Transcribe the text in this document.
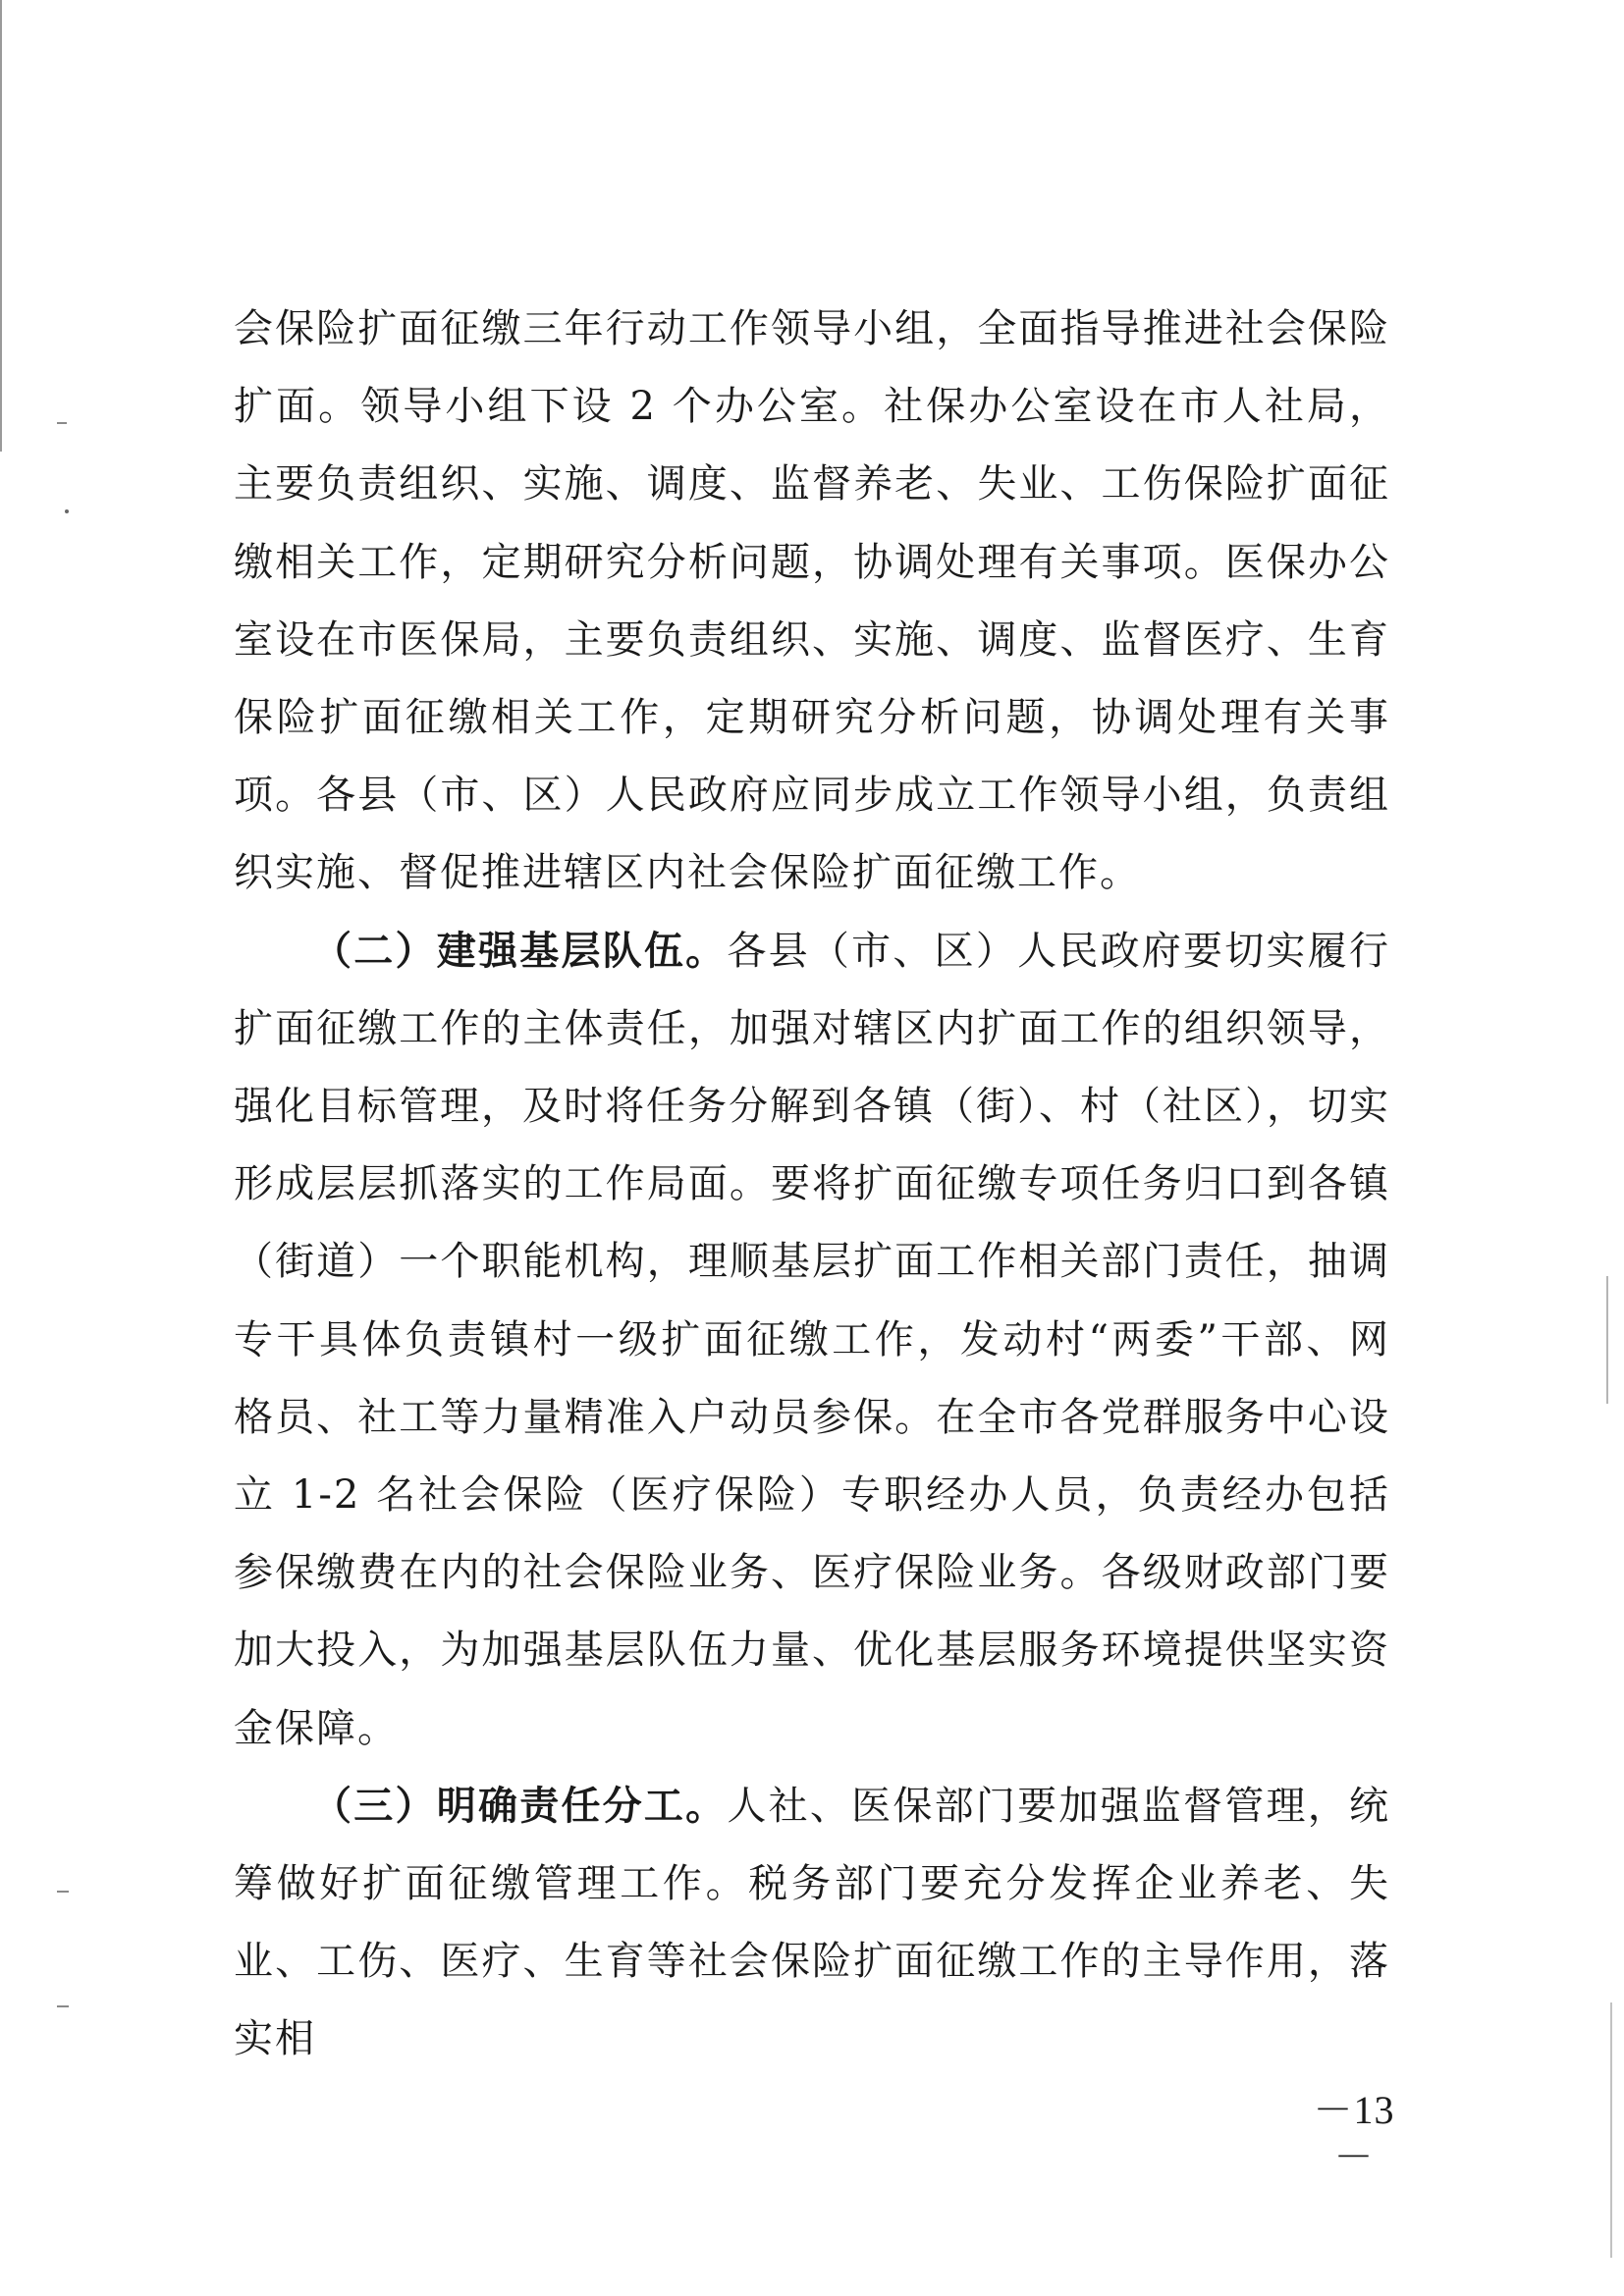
会保险扩面征缴三年行动工作领导小组，全面指导推进社会保险扩面。领导小组下设 2 个办公室。社保办公室设在市人社局，主要负责组织、实施、调度、监督养老、失业、工伤保险扩面征缴相关工作，定期研究分析问题，协调处理有关事项。医保办公室设在市医保局，主要负责组织、实施、调度、监督医疗、生育保险扩面征缴相关工作，定期研究分析问题，协调处理有关事项。各县（市、区）人民政府应同步成立工作领导小组，负责组织实施、督促推进辖区内社会保险扩面征缴工作。

（二）建强基层队伍。各县（市、区）人民政府要切实履行扩面征缴工作的主体责任，加强对辖区内扩面工作的组织领导，强化目标管理，及时将任务分解到各镇（街）、村（社区），切实形成层层抓落实的工作局面。要将扩面征缴专项任务归口到各镇（街道）一个职能机构，理顺基层扩面工作相关部门责任，抽调专干具体负责镇村一级扩面征缴工作，发动村“两委”干部、网格员、社工等力量精准入户动员参保。在全市各党群服务中心设立 1-2 名社会保险（医疗保险）专职经办人员，负责经办包括参保缴费在内的社会保险业务、医疗保险业务。各级财政部门要加大投入，为加强基层队伍力量、优化基层服务环境提供坚实资金保障。

（三）明确责任分工。人社、医保部门要加强监督管理，统筹做好扩面征缴管理工作。税务部门要充分发挥企业养老、失业、工伤、医疗、生育等社会保险扩面征缴工作的主导作用，落实相

－13－
